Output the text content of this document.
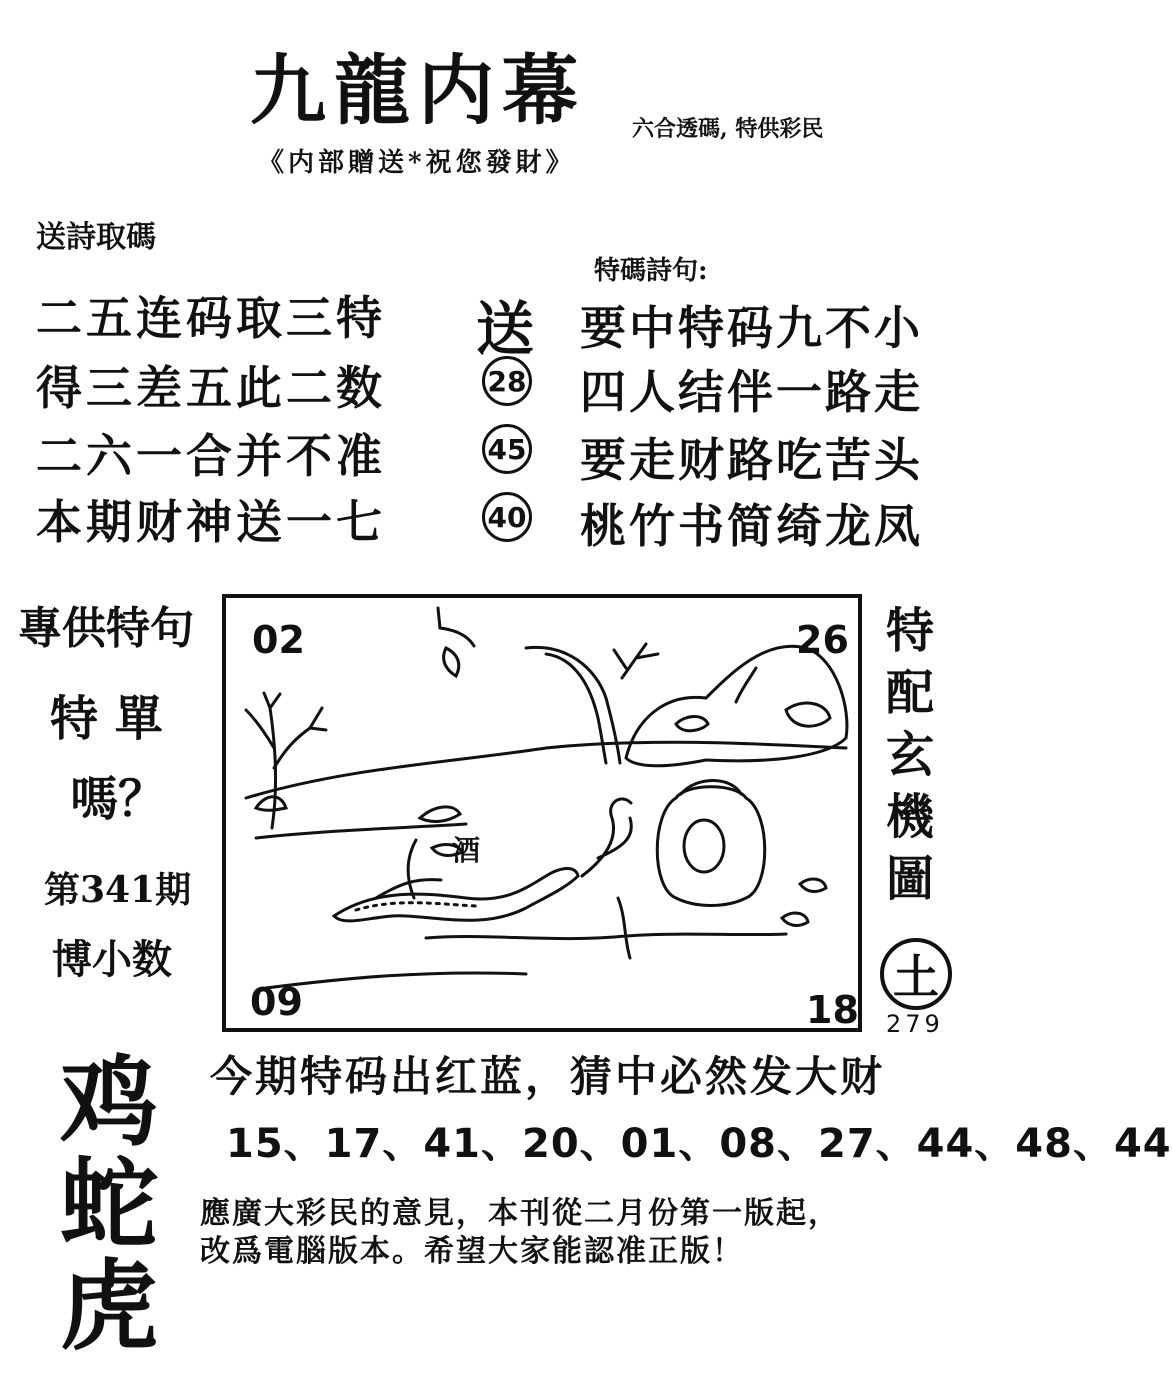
九龍内幕 六合透碼, 特供彩民
《内部贈送*祝您發財》
送詩取碼
二五连码取三特
得三差五此二数
二六一合并不准
本期财神送一七
特碼詩句:
送
28
45
40
要中特码九不小
四人结伴一路走
要走财路吃苦头
桃竹书简绮龙凤
專供特句
特 單
嗎？
第341期
博小数
鸡
蛇
虎
酒
02	26
09	18
特配玄機圖
土
279
今期特码出红蓝，猜中必然发大财
15、17、41、20、01、08、27、44、48、44
應廣大彩民的意見，本刊從二月份第一版起，
改爲電腦版本。希望大家能認准正版！
